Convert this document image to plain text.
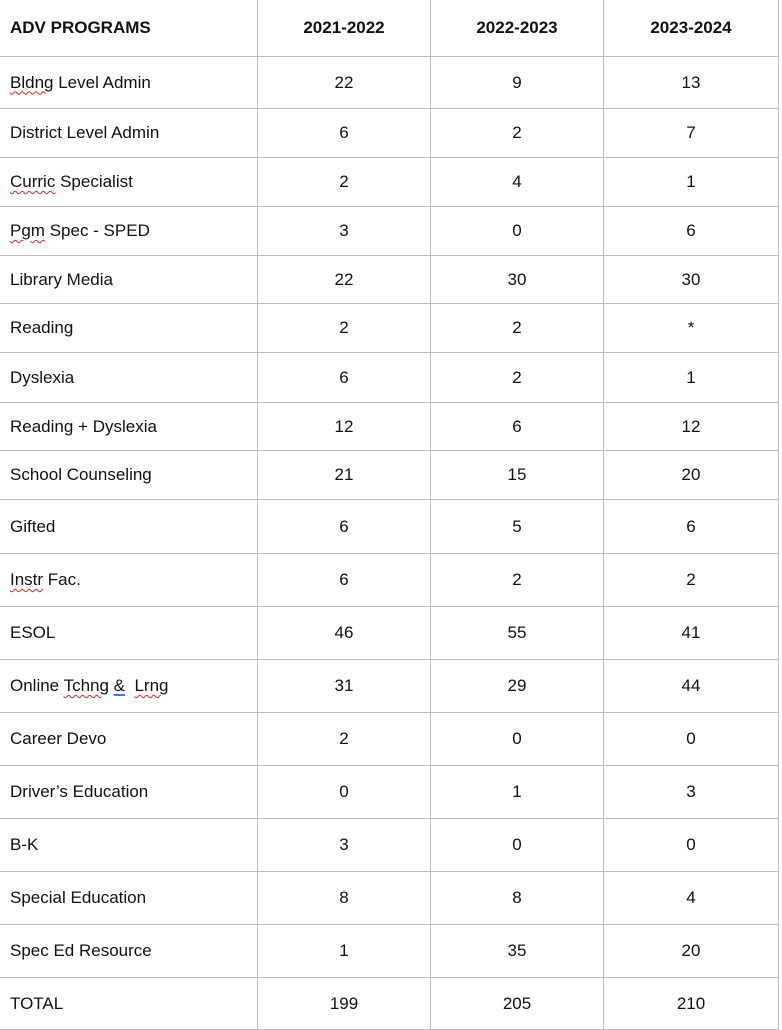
ADV PROGRAMS	2021-2022	2022-2023	2023-2024
Bldng Level Admin	22	9	13
District Level Admin	6	2	7
Curric Specialist	2	4	1
Pgm Spec - SPED	3	0	6
Library Media	22	30	30
Reading	2	2	*
Dyslexia	6	2	1
Reading + Dyslexia	12	6	12
School Counseling	21	15	20
Gifted	6	5	6
Instr Fac.	6	2	2
ESOL	46	55	41
Online Tchng & Lrng	31	29	44
Career Devo	2	0	0
Driver’s Education	0	1	3
B-K	3	0	0
Special Education	8	8	4
Spec Ed Resource	1	35	20
TOTAL	199	205	210
